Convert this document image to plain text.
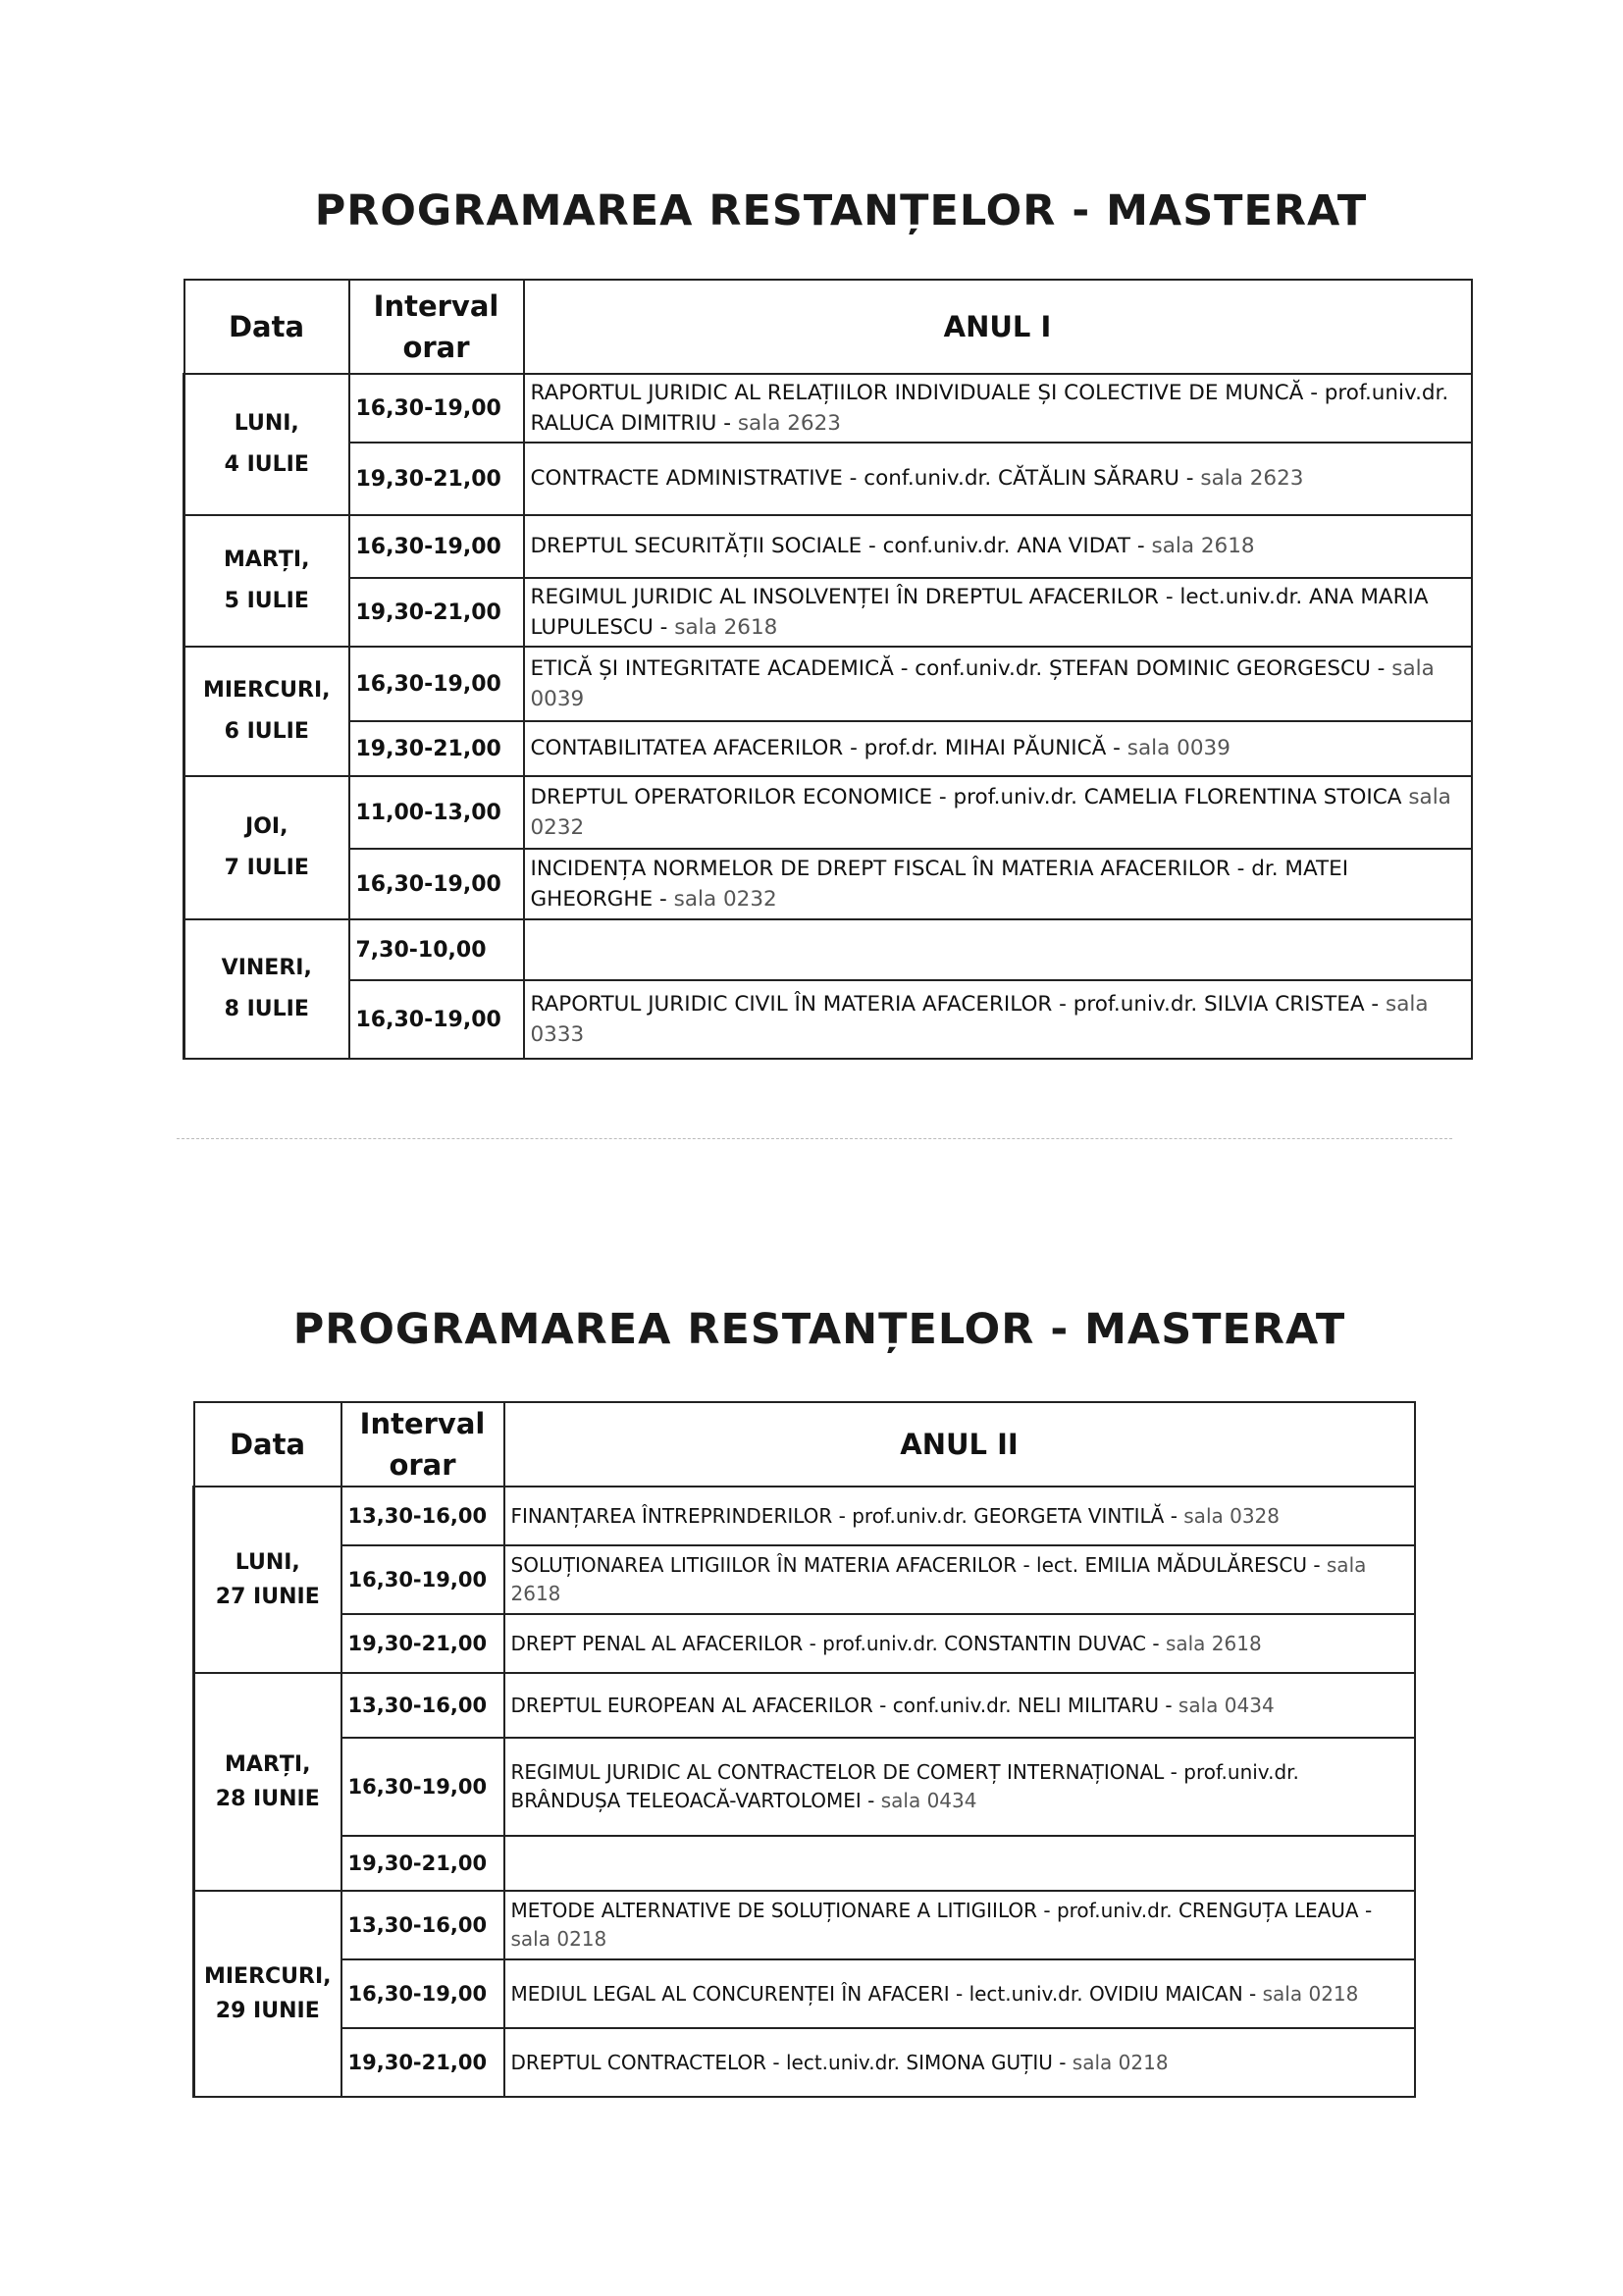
PROGRAMAREA RESTANȚELOR - MASTERAT
Data	Interval orar	ANUL I
LUNI,
4 IULIE	16,30-19,00	RAPORTUL JURIDIC AL RELAȚIILOR INDIVIDUALE ȘI COLECTIVE DE MUNCĂ - prof.univ.dr. RALUCA DIMITRIU - sala 2623
	19,30-21,00	CONTRACTE ADMINISTRATIVE - conf.univ.dr. CĂTĂLIN SĂRARU - sala 2623
MARȚI,
5 IULIE	16,30-19,00	DREPTUL SECURITĂȚII SOCIALE - conf.univ.dr. ANA VIDAT - sala 2618
	19,30-21,00	REGIMUL JURIDIC AL INSOLVENȚEI ÎN DREPTUL AFACERILOR - lect.univ.dr. ANA MARIA LUPULESCU - sala 2618
MIERCURI,
6 IULIE	16,30-19,00	ETICĂ ȘI INTEGRITATE ACADEMICĂ - conf.univ.dr. ȘTEFAN DOMINIC GEORGESCU - sala 0039
	19,30-21,00	CONTABILITATEA AFACERILOR - prof.dr. MIHAI PĂUNICĂ - sala 0039
JOI,
7 IULIE	11,00-13,00	DREPTUL OPERATORILOR ECONOMICE - prof.univ.dr. CAMELIA FLORENTINA STOICA sala 0232
	16,30-19,00	INCIDENȚA NORMELOR DE DREPT FISCAL ÎN MATERIA AFACERILOR - dr. MATEI GHEORGHE - sala 0232
VINERI,
8 IULIE	7,30-10,00	
	16,30-19,00	RAPORTUL JURIDIC CIVIL ÎN MATERIA AFACERILOR - prof.univ.dr. SILVIA CRISTEA - sala 0333
PROGRAMAREA RESTANȚELOR - MASTERAT
Data	Interval orar	ANUL II
LUNI,
27 IUNIE	13,30-16,00	FINANȚAREA ÎNTREPRINDERILOR - prof.univ.dr. GEORGETA VINTILĂ - sala 0328
	16,30-19,00	SOLUȚIONAREA LITIGIILOR ÎN MATERIA AFACERILOR - lect. EMILIA MĂDULĂRESCU - sala 2618
	19,30-21,00	DREPT PENAL AL AFACERILOR - prof.univ.dr. CONSTANTIN DUVAC - sala 2618
MARȚI,
28 IUNIE	13,30-16,00	DREPTUL EUROPEAN AL AFACERILOR - conf.univ.dr. NELI MILITARU - sala 0434
	16,30-19,00	REGIMUL JURIDIC AL CONTRACTELOR DE COMERȚ INTERNAȚIONAL - prof.univ.dr. BRÂNDUȘA TELEOACĂ-VARTOLOMEI - sala 0434
	19,30-21,00	
MIERCURI,
29 IUNIE	13,30-16,00	METODE ALTERNATIVE DE SOLUȚIONARE A LITIGIILOR - prof.univ.dr. CRENGUȚA LEAUA - sala 0218
	16,30-19,00	MEDIUL LEGAL AL CONCURENȚEI ÎN AFACERI - lect.univ.dr. OVIDIU MAICAN - sala 0218
	19,30-21,00	DREPTUL CONTRACTELOR - lect.univ.dr. SIMONA GUȚIU - sala 0218
